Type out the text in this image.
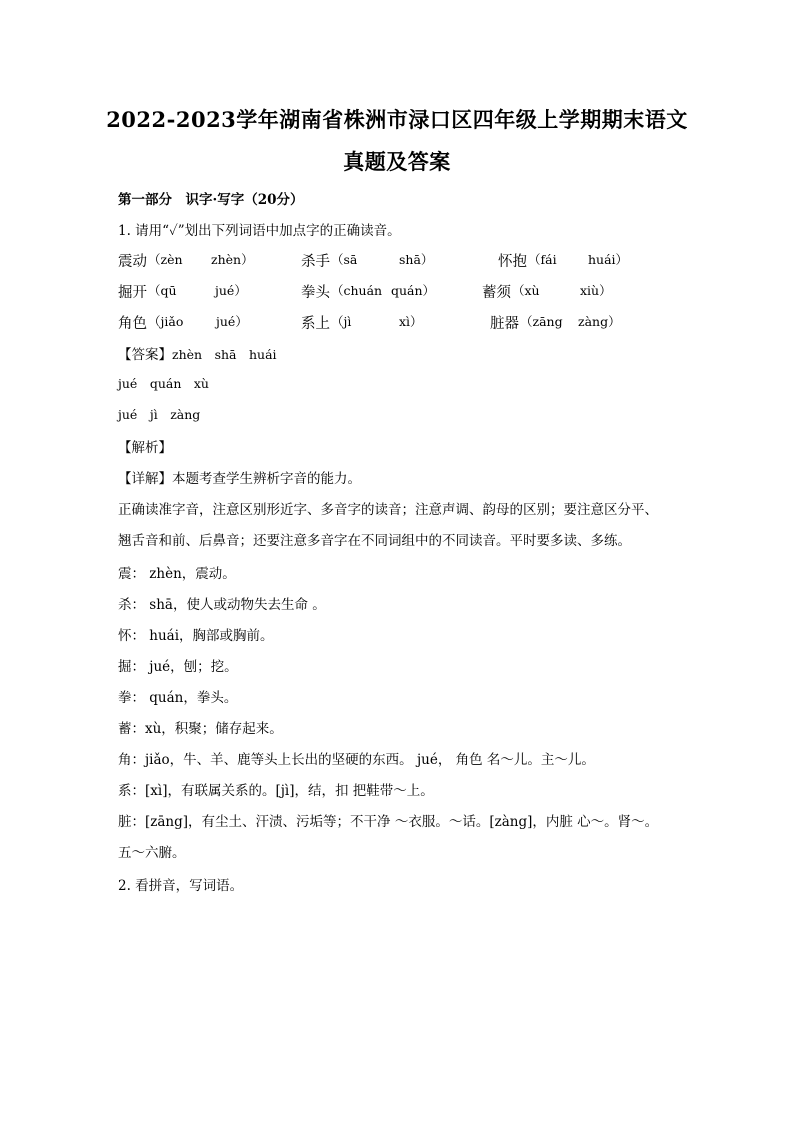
2022-2023学年湖南省株洲市渌口区四年级上学期期末语文
真题及答案
第一部分　识字·写字（20分）
1. 请用“✓”划出下列词语中加点字的正确读音。
震动 （zèn zhèn）	杀手 （sā	shā）	怀抱 （fái	huái）
掘开 （qū	jué）	拳头 （chuán quán）	蓄须 （xù	xiù）
角色 （jiǎo	jué）	系上 （jì	xì）	脏器 （zāng zàng）
【答案】zhèn　shā　huái
jué　quán　xù
jué　jì　zàng
【解析】
【详解】本题考查学生辨析字音的能力。
正确读准字音，注意区别形近字、多音字的读音；注意声调、韵母的区别；要注意区分平、
翘舌音和前、后鼻音；还要注意多音字在不同词组中的不同读音。平时要多读、多练。
震： zhèn，震动。
杀： shā，使人或动物失去生命 。
怀： huái，胸部或胸前。
掘： jué，刨；挖。
拳： quán，拳头。
蓄：xù，积聚；储存起来。
角：jiǎo，牛、羊、鹿等头上长出的坚硬的东西。 jué， 角色 名～儿。主～儿。
系：[xì]，有联属关系的。[jì]，结，扣 把鞋带～上。
脏：[zāng]，有尘土、汗渍、污垢等；不干净 ～衣服。～话。[zàng]，内脏 心～。肾～。
五～六腑。
2. 看拼音，写词语。
